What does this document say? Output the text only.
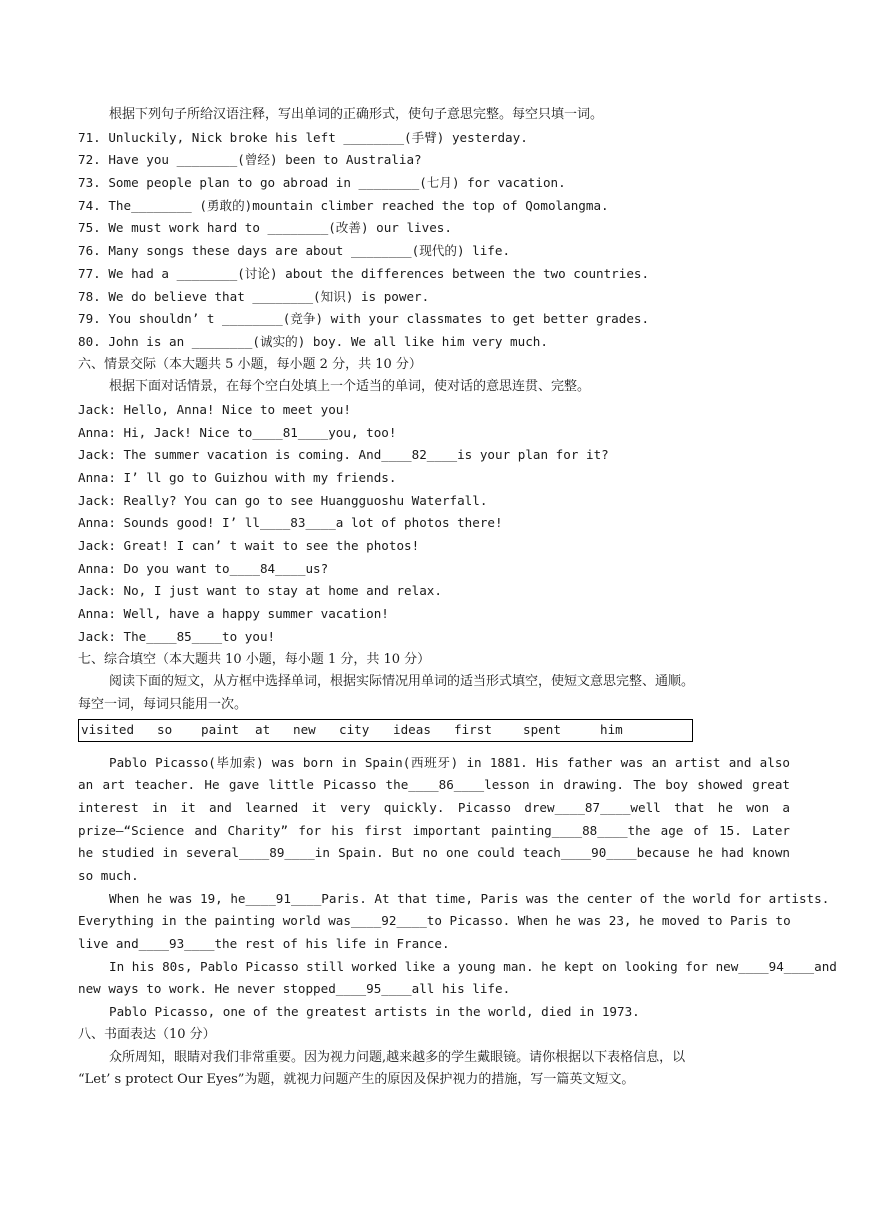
根据下列句子所给汉语注释，写出单词的正确形式，使句子意思完整。每空只填一词。
71. Unluckily, Nick broke his left ________(手臂) yesterday.
72. Have you ________(曾经) been to Australia?
73. Some people plan to go abroad in ________(七月) for vacation.
74. The________ (勇敢的)mountain climber reached the top of Qomolangma.
75. We must work hard to ________(改善) our lives.
76. Many songs these days are about ________(现代的) life.
77. We had a ________(讨论) about the differences between the two countries.
78. We do believe that ________(知识) is power.
79. You shouldn’ t ________(竞争) with your classmates to get better grades.
80. John is an ________(诚实的) boy. We all like him very much.
六、情景交际（本大题共 5 小题，每小题 2 分，共 10 分）
根据下面对话情景，在每个空白处填上一个适当的单词，使对话的意思连贯、完整。
Jack: Hello, Anna! Nice to meet you!
Anna: Hi, Jack! Nice to____81____you, too!
Jack: The summer vacation is coming. And____82____is your plan for it?
Anna: I’ ll go to Guizhou with my friends.
Jack: Really? You can go to see Huangguoshu Waterfall.
Anna: Sounds good! I’ ll____83____a lot of photos there!
Jack: Great! I can’ t wait to see the photos!
Anna: Do you want to____84____us?
Jack: No, I just want to stay at home and relax.
Anna: Well, have a happy summer vacation!
Jack: The____85____to you!
七、综合填空（本大题共 10 小题，每小题 1 分，共 10 分）
阅读下面的短文，从方框中选择单词，根据实际情况用单词的适当形式填空，使短文意思完整、通顺。
每空一词，每词只能用一次。
visited so paint at new city ideas first spent	him
Pablo Picasso(毕加索) was born in Spain(西班牙) in 1881. His father was an artist and also
an art teacher. He gave little Picasso the____86____lesson in drawing. The boy showed great
interest in it and learned it very quickly. Picasso drew____87____well that he won a
prize—“Science and Charity” for his first important painting____88____the age of 15. Later
he studied in several____89____in Spain. But no one could teach____90____because he had known
so much.
When he was 19, he____91____Paris. At that time, Paris was the center of the world for artists.
Everything in the painting world was____92____to Picasso. When he was 23, he moved to Paris to
live and____93____the rest of his life in France.
In his 80s, Pablo Picasso still worked like a young man. he kept on looking for new____94____and
new ways to work. He never stopped____95____all his life.
Pablo Picasso, one of the greatest artists in the world, died in 1973.
八、书面表达（10 分）
众所周知，眼睛对我们非常重要。因为视力问题,越来越多的学生戴眼镜。请你根据以下表格信息，以
“Let’ s protect Our Eyes”为题，就视力问题产生的原因及保护视力的措施，写一篇英文短文。
